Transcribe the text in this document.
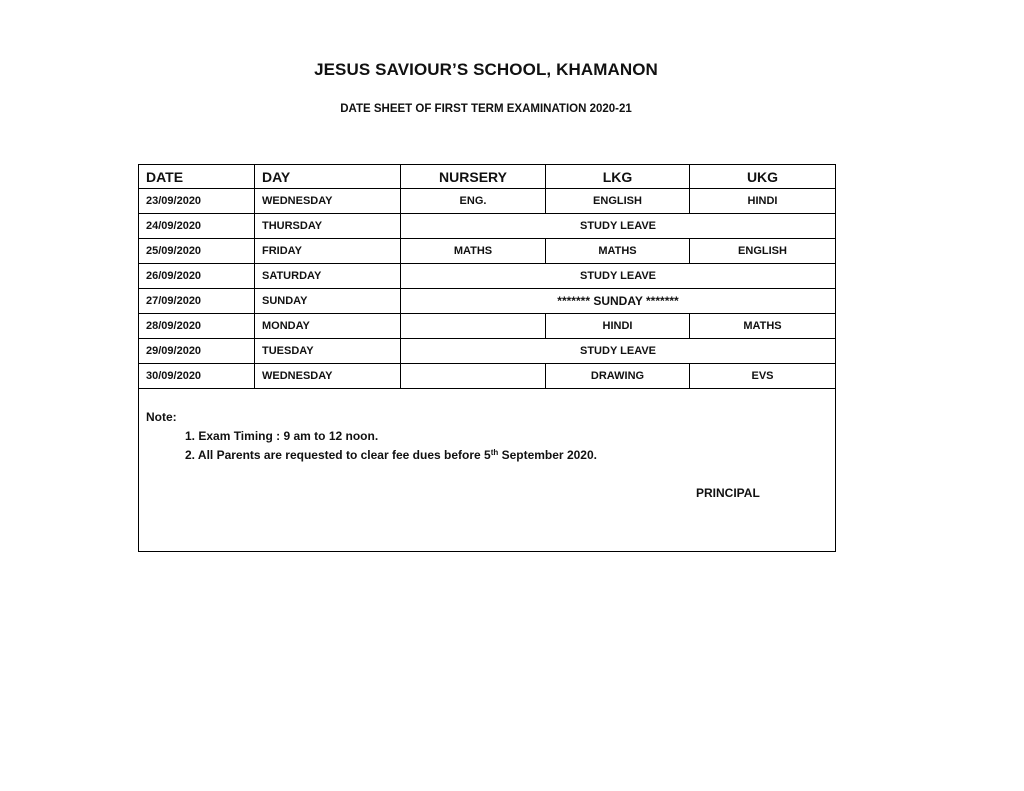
JESUS SAVIOUR’S SCHOOL, KHAMANON
DATE SHEET OF FIRST TERM EXAMINATION 2020-21
DATE	DAY	NURSERY	LKG	UKG
23/09/2020	WEDNESDAY	ENG.	ENGLISH	HINDI
24/09/2020	THURSDAY	STUDY LEAVE		
25/09/2020	FRIDAY	MATHS	MATHS	ENGLISH
26/09/2020	SATURDAY	STUDY LEAVE		
27/09/2020	SUNDAY	******* SUNDAY *******		
28/09/2020	MONDAY		HINDI	MATHS
29/09/2020	TUESDAY	STUDY LEAVE		
30/09/2020	WEDNESDAY		DRAWING	EVS

Note:
1. Exam Timing : 9 am to 12 noon.
2. All Parents are requested to clear fee dues before 5th September 2020.
PRINCIPAL				
